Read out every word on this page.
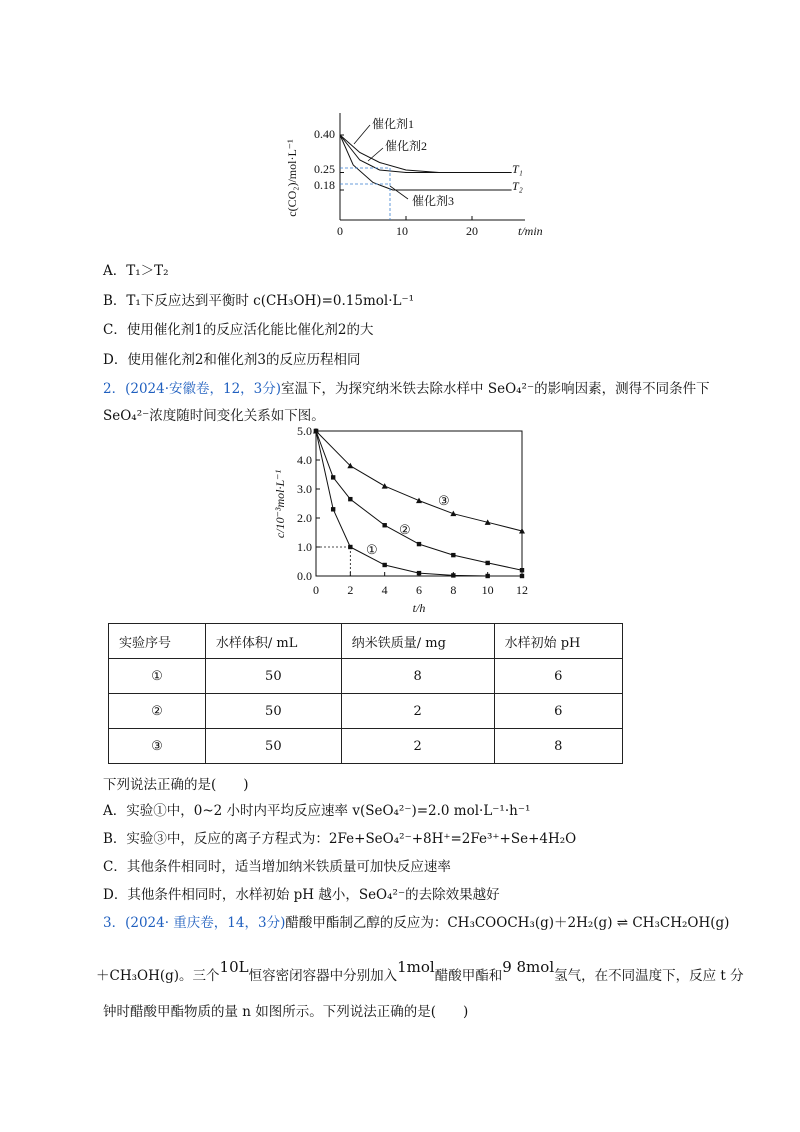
c(CO₂)/mol·L⁻¹
0.40
0.25
0.18
0	10	20	t/min
催化剂1
催化剂2
催化剂3
T₁
T₂
A．T₁＞T₂
B．T₁下反应达到平衡时 c(CH₃OH)=0.15mol·L⁻¹
C．使用催化剂1的反应活化能比催化剂2的大
D．使用催化剂2和催化剂3的反应历程相同
2．(2024·安徽卷，12，3分)室温下，为探究纳米铁去除水样中 SeO₄²⁻的影响因素，测得不同条件下
SeO₄²⁻浓度随时间变化关系如下图。
0 2 4 6 8 10 12
0.0
1.0
2.0
3.0
4.0
5.0
c/10⁻³mol·L⁻¹
t/h
①
②
③
实验序号	水样体积/ mL	纳米铁质量/ mg	水样初始 pH
①	50	8	6
②	50	2	6
③	50	2	8
下列说法正确的是(　　)
A．实验①中，0~2 小时内平均反应速率 v(SeO₄²⁻)=2.0 mol·L⁻¹·h⁻¹
B．实验③中，反应的离子方程式为：2Fe+SeO₄²⁻+8H⁺=2Fe³⁺+Se+4H₂O
C．其他条件相同时，适当增加纳米铁质量可加快反应速率
D．其他条件相同时，水样初始 pH 越小，SeO₄²⁻的去除效果越好
3．(2024· 重庆卷，14，3分)醋酸甲酯制乙醇的反应为：CH₃COOCH₃(g)＋2H₂(g) ⇌ CH₃CH₂OH(g)
＋CH₃OH(g)。三个10L恒容密闭容器中分别加入1mol醋酸甲酯和9 8mol氢气，在不同温度下，反应 t 分
钟时醋酸甲酯物质的量 n 如图所示。下列说法正确的是(　　)
